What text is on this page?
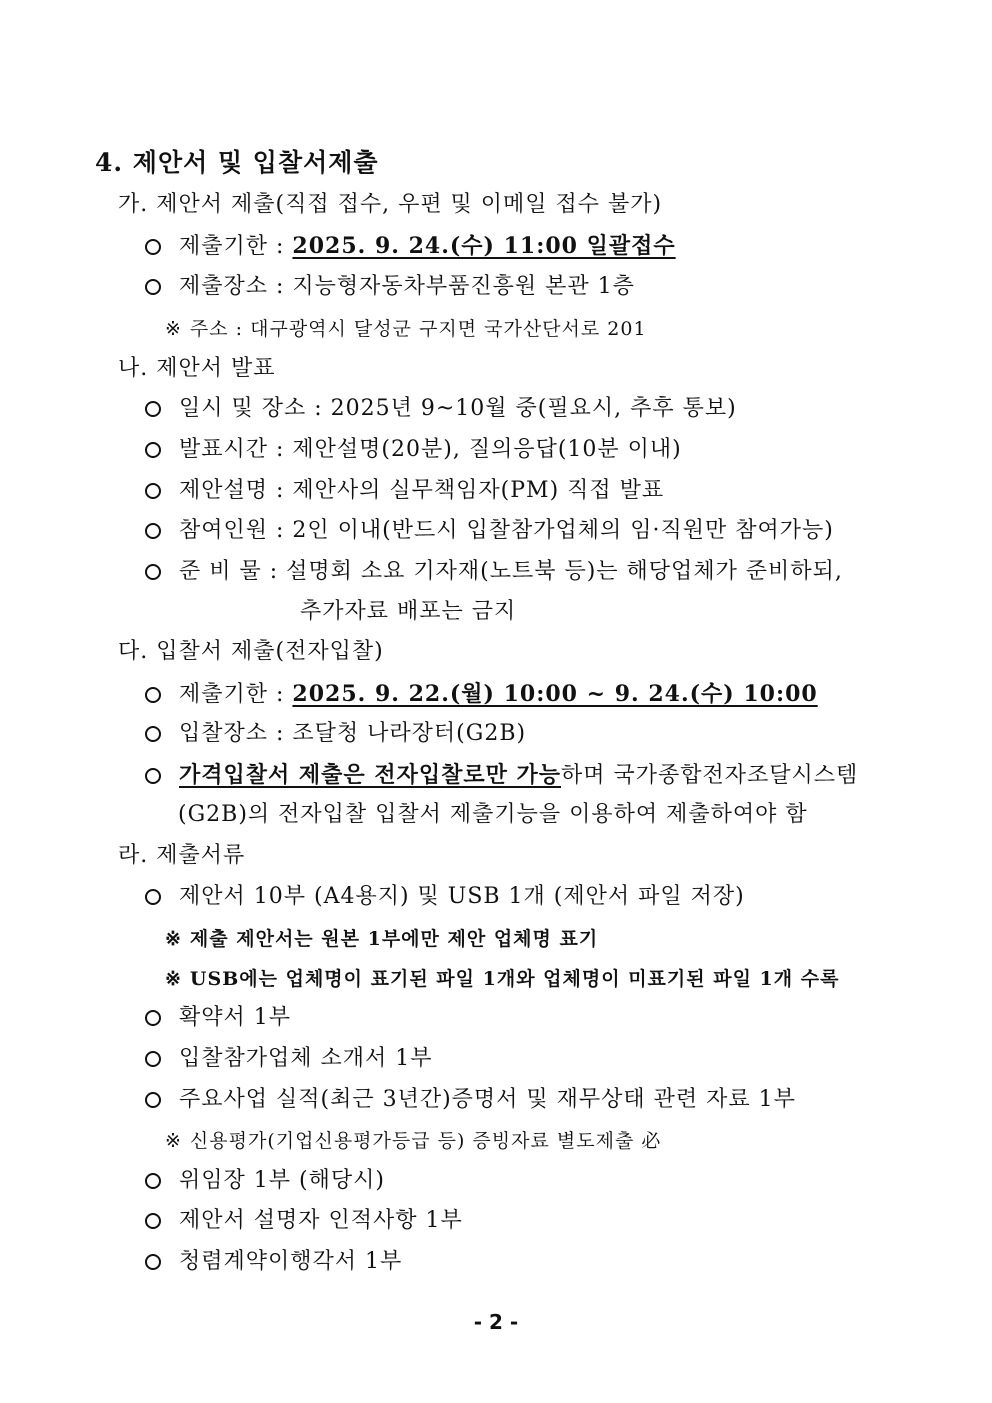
4. 제안서 및 입찰서제출
가. 제안서 제출(직접 접수, 우편 및 이메일 접수 불가)
제출기한 : 2025. 9. 24.(수) 11:00 일괄접수
제출장소 : 지능형자동차부품진흥원 본관 1층
※ 주소 : 대구광역시 달성군 구지면 국가산단서로 201
나. 제안서 발표
일시 및 장소 : 2025년 9~10월 중(필요시, 추후 통보)
발표시간 : 제안설명(20분), 질의응답(10분 이내)
제안설명 : 제안사의 실무책임자(PM) 직접 발표
참여인원 : 2인 이내(반드시 입찰참가업체의 임·직원만 참여가능)
준 비 물 : 설명회 소요 기자재(노트북 등)는 해당업체가 준비하되,
추가자료 배포는 금지
다. 입찰서 제출(전자입찰)
제출기한 : 2025. 9. 22.(월) 10:00 ~ 9. 24.(수) 10:00
입찰장소 : 조달청 나라장터(G2B)
가격입찰서 제출은 전자입찰로만 가능하며 국가종합전자조달시스템
(G2B)의 전자입찰 입찰서 제출기능을 이용하여 제출하여야 함
라. 제출서류
제안서 10부 (A4용지) 및 USB 1개 (제안서 파일 저장)
※ 제출 제안서는 원본 1부에만 제안 업체명 표기
※ USB에는 업체명이 표기된 파일 1개와 업체명이 미표기된 파일 1개 수록
확약서 1부
입찰참가업체 소개서 1부
주요사업 실적(최근 3년간)증명서 및 재무상태 관련 자료 1부
※ 신용평가(기업신용평가등급 등) 증빙자료 별도제출 必
위임장 1부 (해당시)
제안서 설명자 인적사항 1부
청렴계약이행각서 1부
- 2 -
